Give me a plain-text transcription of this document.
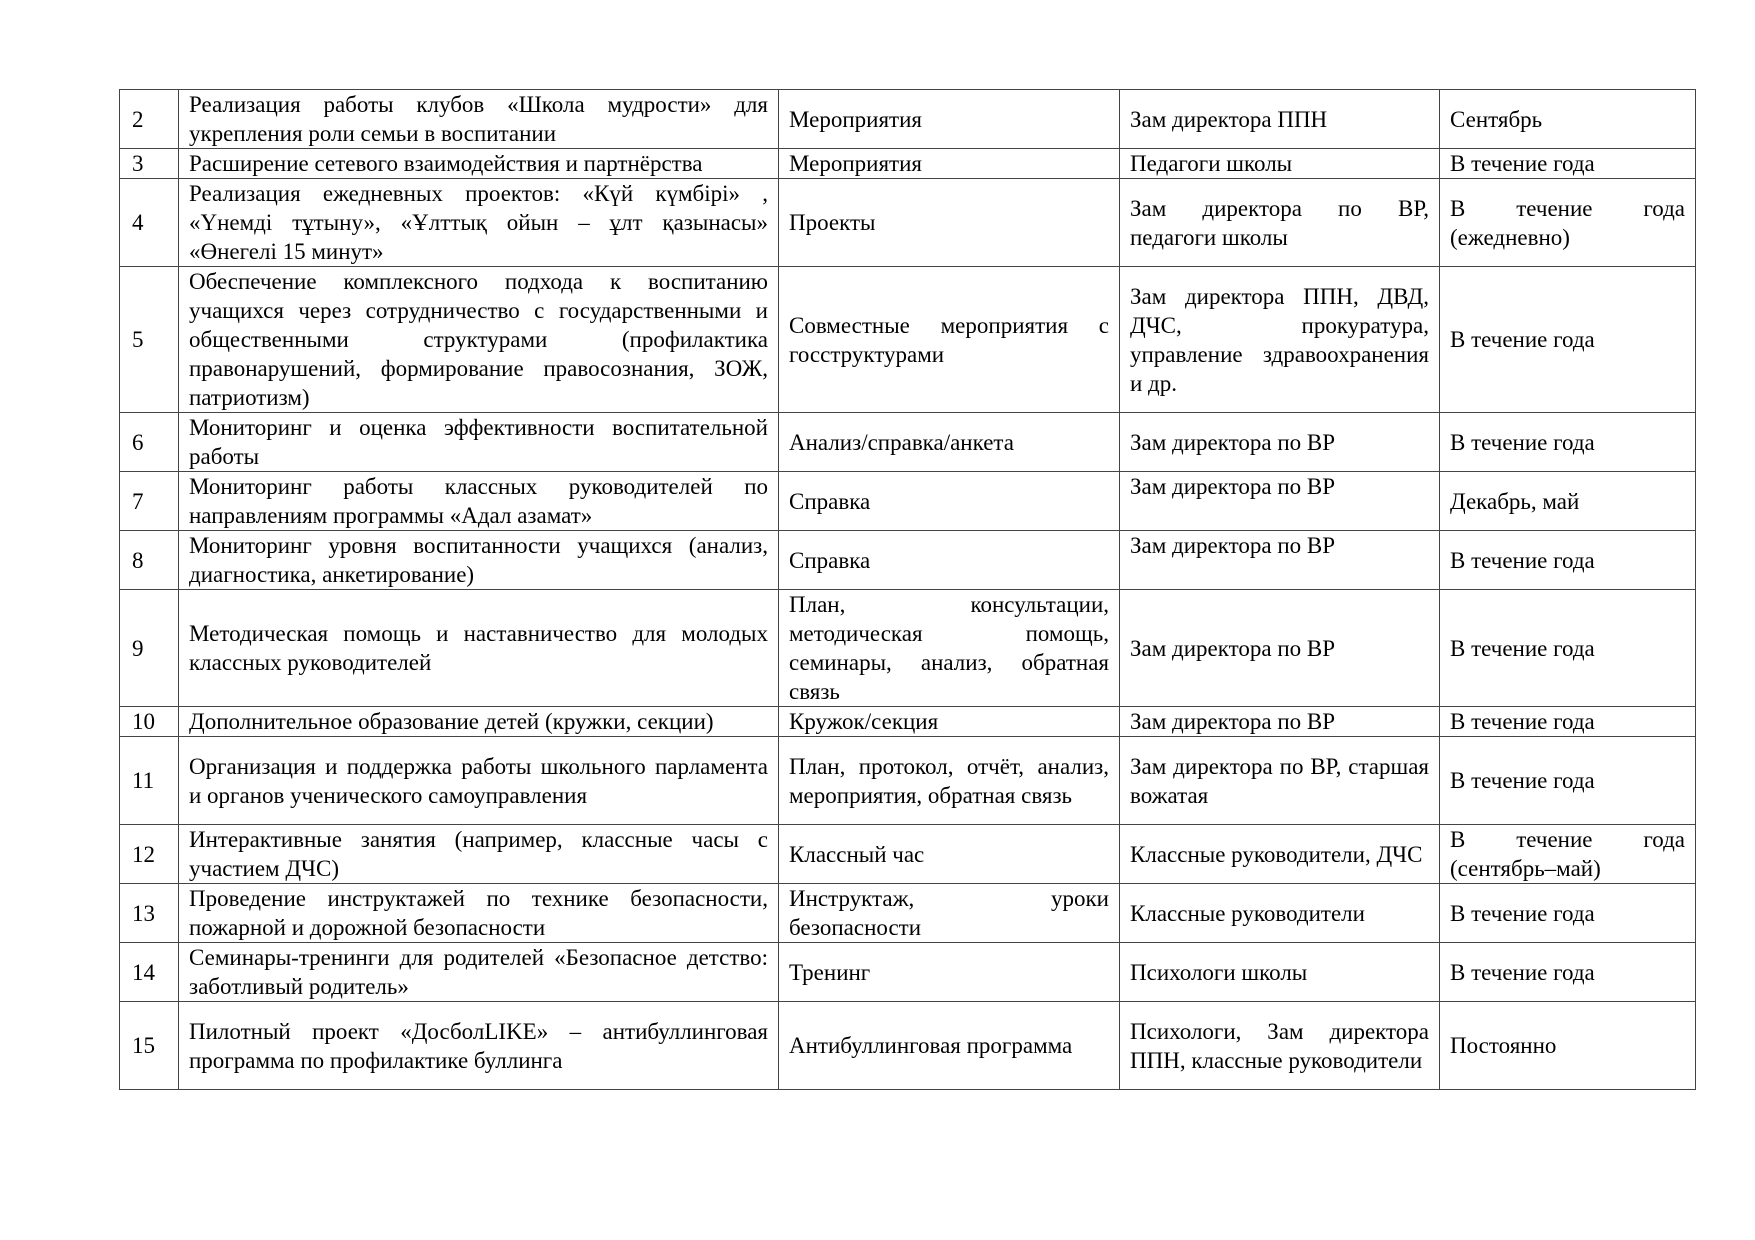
2	Реализация работы клубов «Школа мудрости» для укрепления роли семьи в воспитании	Мероприятия	Зам директора ППН	Сентябрь
3	Расширение сетевого взаимодействия и партнёрства	Мероприятия	Педагоги школы	В течение года
4	Реализация ежедневных проектов: «Күй күмбірі» , «Үнемді тұтыну», «Ұлттық ойын – ұлт қазынасы» «Өнегелі 15 минут»	Проекты	Зам директора по ВР, педагоги школы	В течение года (ежедневно)
5	Обеспечение комплексного подхода к воспитанию учащихся через сотрудничество с государственными и общественными структурами (профилактика правонарушений, формирование правосознания, ЗОЖ, патриотизм)	Совместные мероприятия с госструктурами	Зам директора ППН, ДВД, ДЧС, прокуратура, управление здравоохранения и др.	В течение года
6	Мониторинг и оценка эффективности воспитательной работы	Анализ/справка/анкета	Зам директора по ВР	В течение года
7	Мониторинг работы классных руководителей по направлениям программы «Адал азамат»	Справка	Зам директора по ВР	Декабрь, май
8	Мониторинг уровня воспитанности учащихся (анализ, диагностика, анкетирование)	Справка	Зам директора по ВР	В течение года
9	Методическая помощь и наставничество для молодых классных руководителей	План, консультации, методическая помощь, семинары, анализ, обратная связь	Зам директора по ВР	В течение года
10	Дополнительное образование детей (кружки, секции)	Кружок/секция	Зам директора по ВР	В течение года
11	Организация и поддержка работы школьного парламента и органов ученического самоуправления	План, протокол, отчёт, анализ, мероприятия, обратная связь	Зам директора по ВР, старшая вожатая	В течение года
12	Интерактивные занятия (например, классные часы с участием ДЧС)	Классный час	Классные руководители, ДЧС	В течение года (сентябрь–май)
13	Проведение инструктажей по технике безопасности, пожарной и дорожной безопасности	Инструктаж, уроки безопасности	Классные руководители	В течение года
14	Семинары-тренинги для родителей «Безопасное детство: заботливый родитель»	Тренинг	Психологи школы	В течение года
15	Пилотный проект «ДосболLIKE» – антибуллинговая программа по профилактике буллинга	Антибуллинговая программа	Психологи, Зам директора ППН, классные руководители	Постоянно
